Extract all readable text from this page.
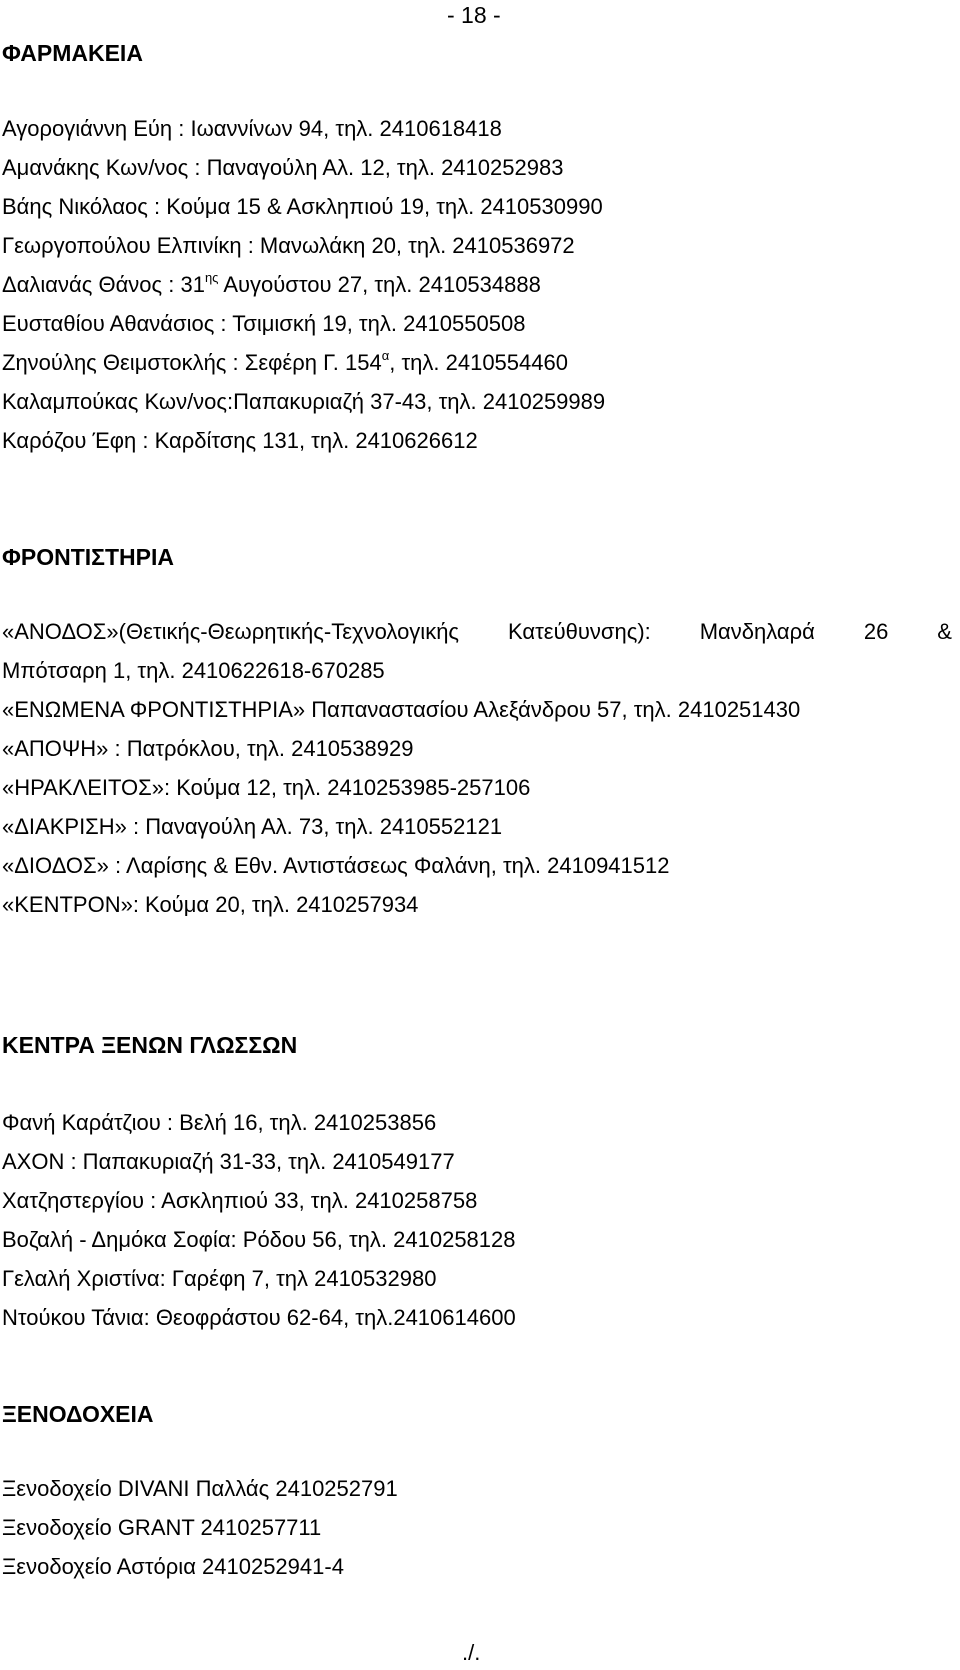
- 18 -
ΦΑΡΜΑΚΕΙΑ
Αγορογιάννη Εύη : Ιωαννίνων 94, τηλ. 2410618418
Αμανάκης Κων/νος : Παναγούλη Αλ. 12, τηλ. 2410252983
Βάης Νικόλαος : Κούμα 15 & Ασκληπιού 19, τηλ. 2410530990
Γεωργοπούλου Ελπινίκη : Μανωλάκη 20, τηλ. 2410536972
Δαλιανάς Θάνος : $31^{\eta\varsigma}$ Αυγούστου 27, τηλ. 2410534888
Ευσταθίου Αθανάσιος : Τσιμισκή 19, τηλ. 2410550508
Ζηνούλης Θειμστοκλής : Σεφέρη Γ. $154^\alpha$, τηλ. 2410554460
Καλαμπούκας Κων/νος:Παπακυριαζή 37-43, τηλ. 2410259989
Καρόζου Έφη : Καρδίτσης 131, τηλ. 2410626612
ΦΡΟΝΤΙΣΤΗΡΙΑ
«ΑΝΟΔΟΣ»(Θετικής-Θεωρητικής-Τεχνολογικής Κατεύθυνσης): Μανδηλαρά 26 &
Μπότσαρη 1, τηλ. 2410622618-670285
«ΕΝΩΜΕΝΑ ΦΡΟΝΤΙΣΤΗΡΙΑ» Παπαναστασίου Αλεξάνδρου 57, τηλ. 2410251430
«ΑΠΟΨΗ» : Πατρόκλου, τηλ. 2410538929
«ΗΡΑΚΛΕΙΤΟΣ»: Κούμα 12, τηλ. 2410253985-257106
«ΔΙΑΚΡΙΣΗ» : Παναγούλη Αλ. 73, τηλ. 2410552121
«ΔΙΟΔΟΣ» : Λαρίσης & Εθν. Αντιστάσεως Φαλάνη, τηλ. 2410941512
«ΚΕΝΤΡΟΝ»: Κούμα 20, τηλ. 2410257934
ΚΕΝΤΡΑ ΞΕΝΩΝ ΓΛΩΣΣΩΝ
Φανή Καράτζιου : Βελή 16, τηλ. 2410253856
ΑΧΟΝ : Παπακυριαζή 31-33, τηλ. 2410549177
Χατζηστεργίου : Ασκληπιού 33, τηλ. 2410258758
Βοζαλή - Δημόκα Σοφία: Ρόδου 56, τηλ. 2410258128
Γελαλή Χριστίνα: Γαρέφη 7, τηλ 2410532980
Ντούκου Τάνια: Θεοφράστου 62-64, τηλ.2410614600
ΞΕΝΟΔΟΧΕΙΑ
Ξενοδοχείο DIVANI Παλλάς 2410252791
Ξενοδοχείο GRANT 2410257711
Ξενοδοχείο Αστόρια 2410252941-4
./.
